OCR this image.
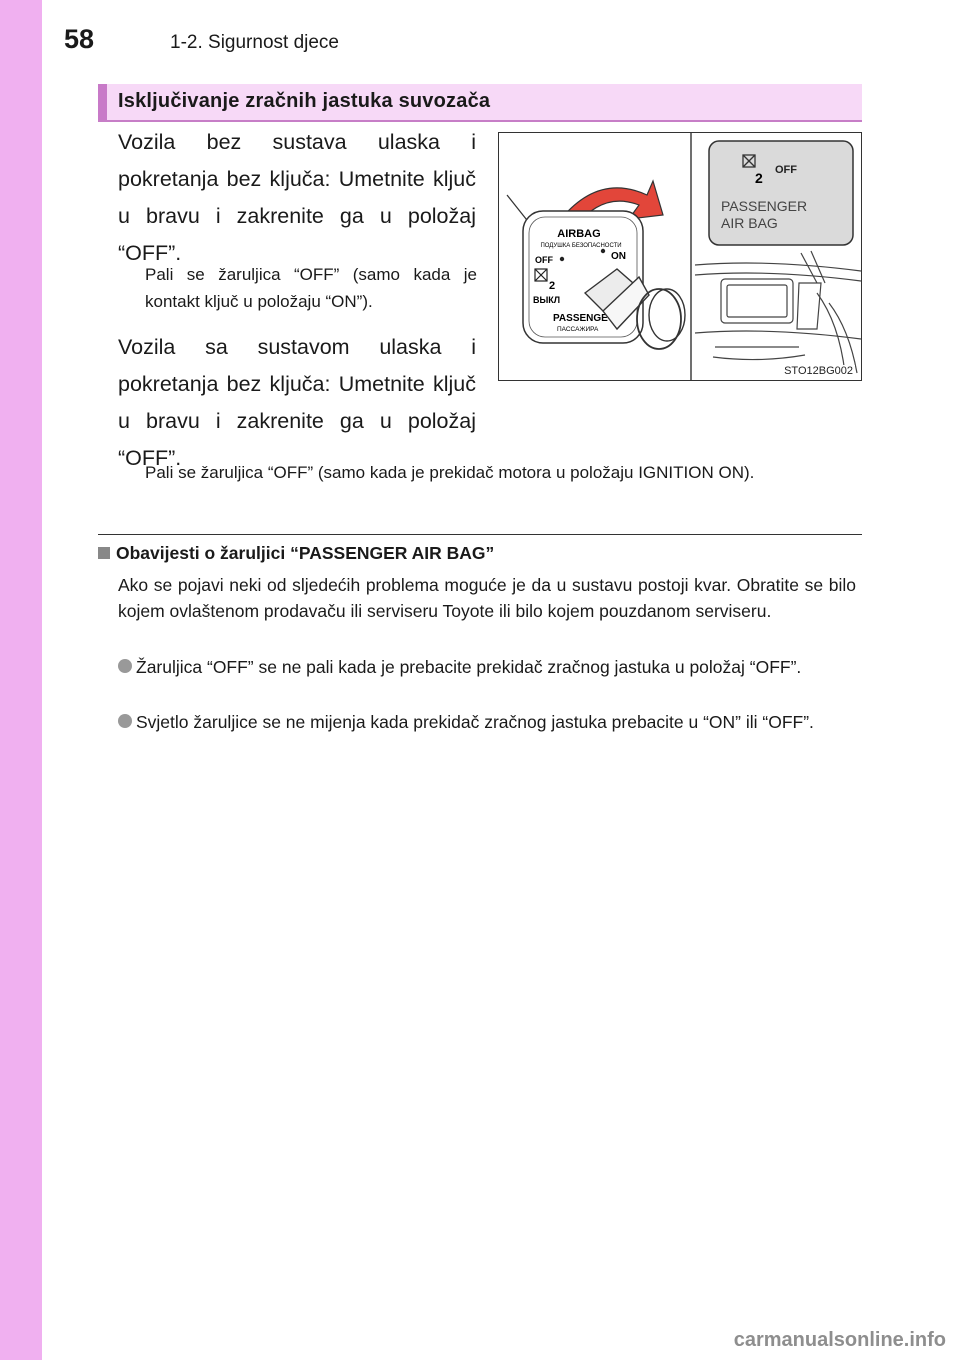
58	1-2. Sigurnost djece
Isključivanje zračnih jastuka suvozača
Vozila bez sustava ulaska i pokretanja bez ključa: Umetnite ključ u bravu i zakrenite ga u položaj “OFF”.
Pali se žaruljica “OFF” (samo kada je kontakt ključ u položaju “ON”).
Vozila sa sustavom ulaska i pokretanja bez ključa: Umetnite ključ u bravu i zakrenite ga u položaj “OFF”.
Pali se žaruljica “OFF” (samo kada je prekidač motora u položaju IGNITION ON).
AIRBAG
ПОДУШКА БЕЗОПАСНОСТИ
OFF	ON
2
ВЫКЛ
PASSENGE
ПАССАЖИРА
2 OFF
PASSENGER
AIR BAG
STO12BG002
Obavijesti o žaruljici “PASSENGER AIR BAG”
Ako se pojavi neki od sljedećih problema moguće je da u sustavu postoji kvar. Obratite se bilo kojem ovlaštenom prodavaču ili serviseru Toyote ili bilo kojem pouzdanom serviseru.
Žaruljica “OFF” se ne pali kada je prebacite prekidač zračnog jastuka u položaj “OFF”.
Svjetlo žaruljice se ne mijenja kada prekidač zračnog jastuka prebacite u “ON” ili “OFF”.
carmanualsonline.info
